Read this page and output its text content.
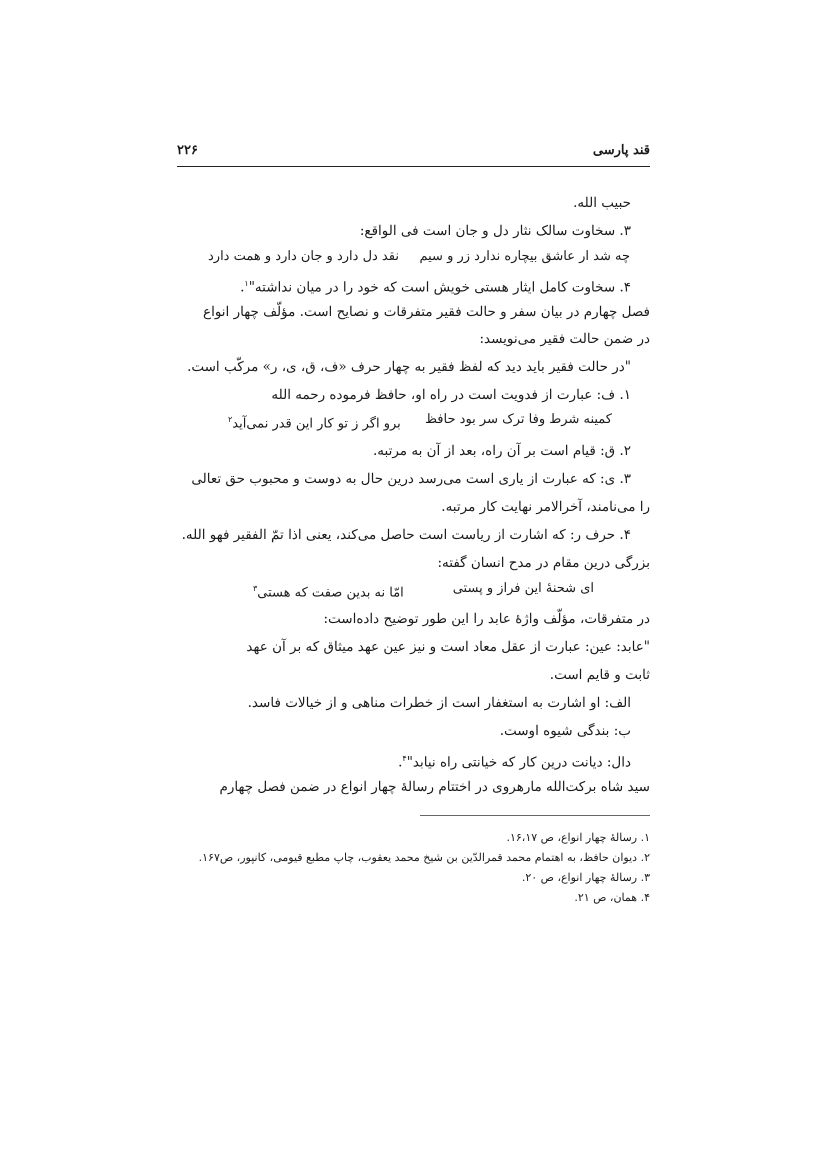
قند پارسی
۲۲۶
حبیب الله.
۳. سخاوت سالک نثار دل و جان است فی الواقع:
چه شد ار عاشق بیچاره ندارد زر و سیم
نقد دل دارد و جان دارد و همت دارد
۴. سخاوت کامل ایثار هستی خویش است که خود را در میان نداشته"$^۱$.
فصل چهارم در بیان سفر و حالت فقیر متفرقات و نصایح است. مؤلّف چهار انواع
در ضمن حالت فقیر می‌نویسد:
"در حالت فقیر باید دید که لفظ فقیر به چهار حرف «ف، ق، ی، ر» مرکّب است.
۱. ف: عبارت از فدویت است در راه او، حافظ فرموده رحمه الله
کمینه شرط وفا ترک سر بود حافظ
برو اگر ز تو کار این قدر نمی‌آید$^۲$
۲. ق: قیام است بر آن راه، بعد از آن به مرتبه.
۳. ی: که عبارت از یاری است می‌رسد درین حال به دوست و محبوب حق تعالی
را می‌نامند، آخرالامر نهایت کار مرتبه.
۴. حرف ر: که اشارت از ریاست است حاصل می‌کند، یعنی اذا تمّ الفقیر فهو الله.
بزرگی درین مقام در مدح انسان گفته:
ای شحنهٔ این فراز و پستی
امّا نه بدین صفت که هستی$^۳$
در متفرقات، مؤلّف واژهٔ عابد را این طور توضیح داده‌است:
"عابد: عین: عبارت از عقل معاد است و نیز عین عهد میثاق که بر آن عهد
ثابت و قایم است.
الف: او اشارت به استغفار است از خطرات مناهی و از خیالات فاسد.
ب: بندگی شیوه اوست.
دال: دیانت درین کار که خیانتی راه نیابد"$^۴$.
سید شاه برکت‌الله مارهروی در اختتام رسالهٔ چهار انواع در ضمن فصل چهارم
۱. رسالهٔ چهار انواع، ص ۱۶،۱۷.
۲. دیوان حافظ، به اهتمام محمد قمرالدّین بن شیخ محمد یعقوب، چاپ مطبع قیومی، کانپور، ص۱۶۷.
۳. رسالهٔ چهار انواع، ص ۲۰.
۴. همان، ص ۲۱.
